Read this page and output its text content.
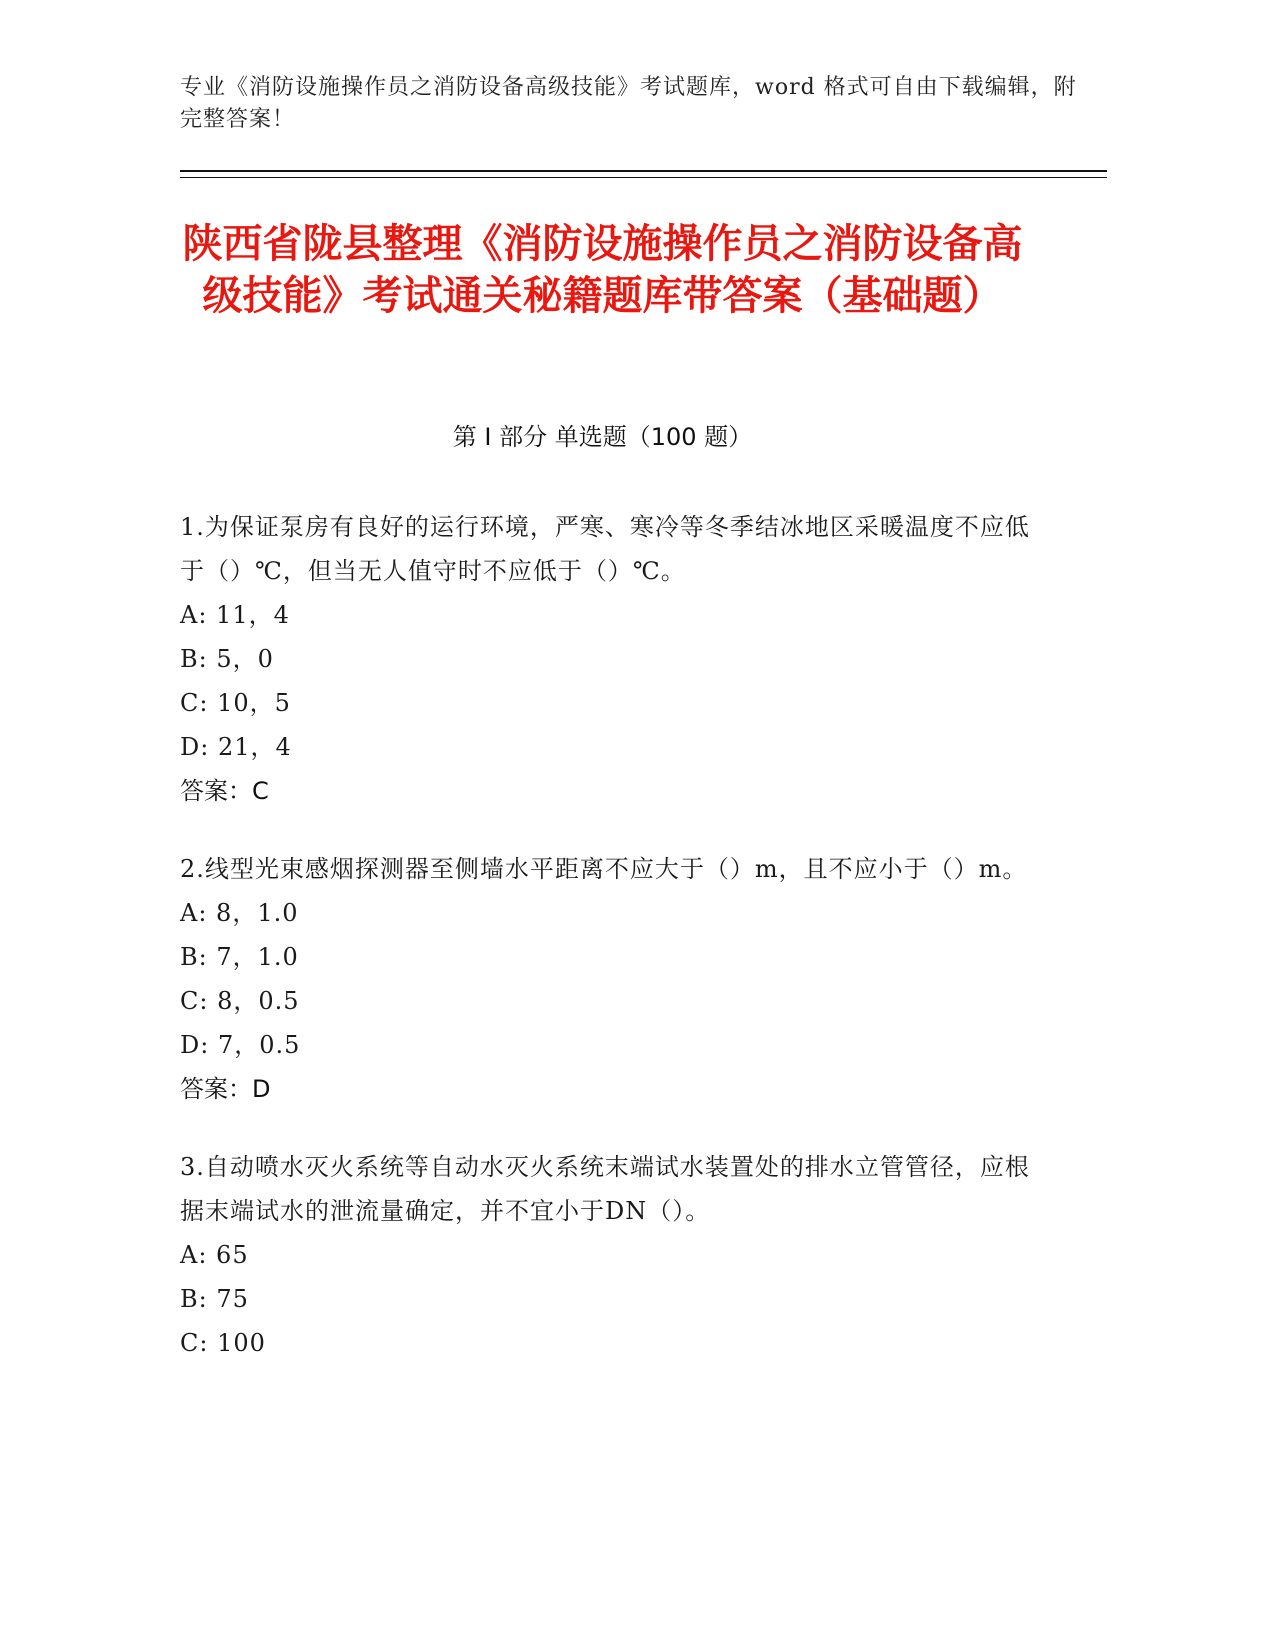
专业《消防设施操作员之消防设备高级技能》考试题库，word 格式可自由下载编辑，附完整答案！
陕西省陇县整理《消防设施操作员之消防设备高级技能》考试通关秘籍题库带答案（基础题）
第 I 部分 单选题（100 题）
1.为保证泵房有良好的运行环境，严寒、寒冷等冬季结冰地区采暖温度不应低于（）℃，但当无人值守时不应低于（）℃。
A: 11，4
B: 5，0
C: 10，5
D: 21，4
答案：C
2.线型光束感烟探测器至侧墙水平距离不应大于（）m，且不应小于（）m。
A: 8，1.0
B: 7，1.0
C: 8，0.5
D: 7，0.5
答案：D
3.自动喷水灭火系统等自动水灭火系统末端试水装置处的排水立管管径，应根据末端试水的泄流量确定，并不宜小于DN（）。
A: 65
B: 75
C: 100
